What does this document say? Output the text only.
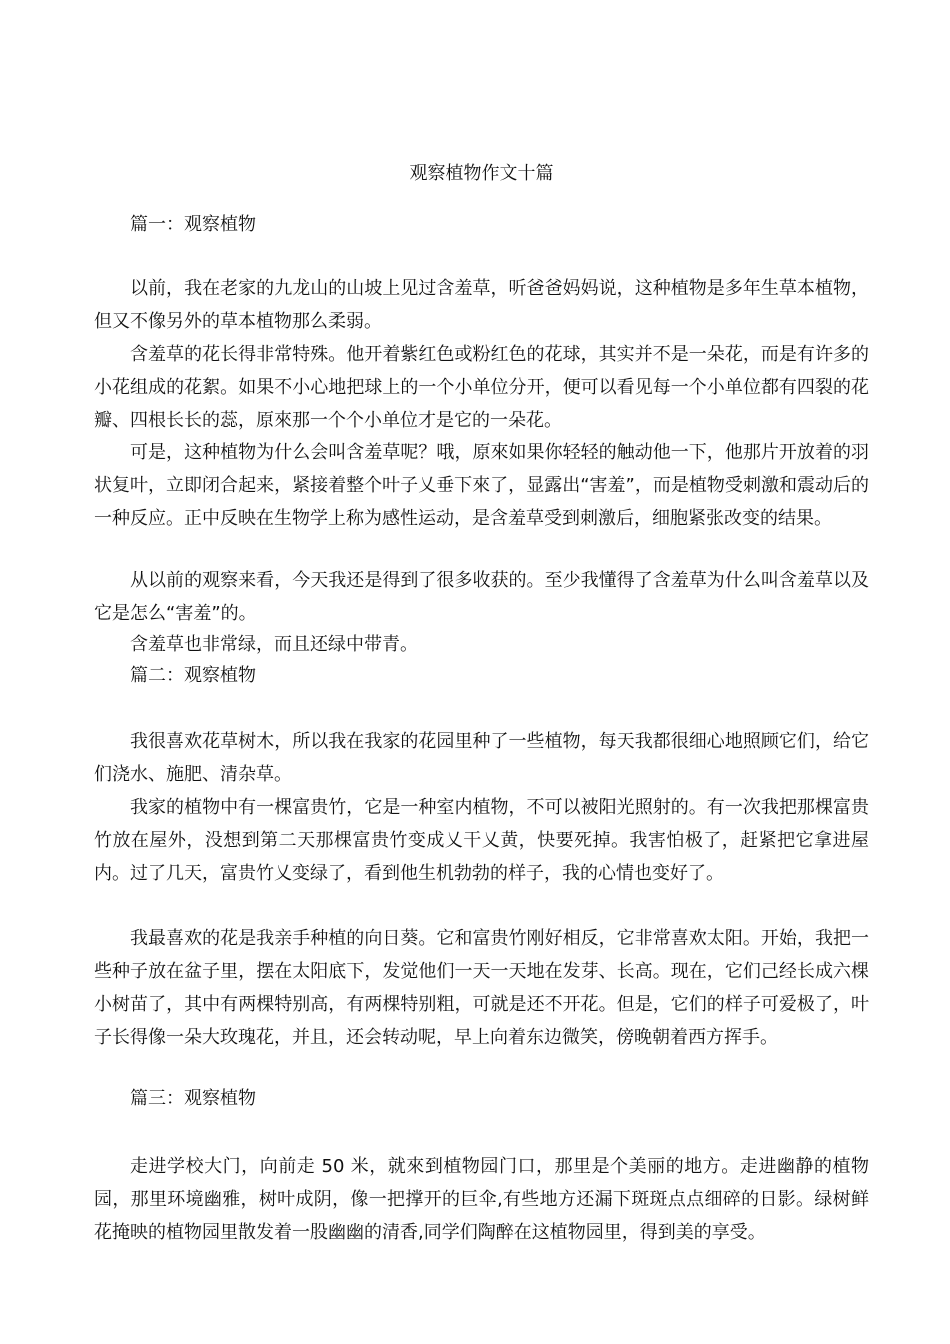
观察植物作文十篇
篇一：观察植物
以前，我在老家的九龙山的山坡上见过含羞草，听爸爸妈妈说，这种植物是多年生草本植物，但又不像另外的草本植物那么柔弱。
含羞草的花长得非常特殊。他开着紫红色或粉红色的花球，其实并不是一朵花，而是有许多的小花组成的花絮。如果不小心地把球上的一个小单位分开，便可以看见每一个小单位都有四裂的花瓣、四根长长的蕊，原來那一个个小单位才是它的一朵花。
可是，这种植物为什么会叫含羞草呢？哦，原來如果你轻轻的触动他一下，他那片开放着的羽状复叶，立即闭合起来，紧接着整个叶子乂垂下來了，显露出“害羞”，而是植物受刺激和震动后的一种反应。正中反映在生物学上称为感性运动，是含羞草受到刺激后，细胞紧张改变的结果。
从以前的观察来看，今天我还是得到了很多收获的。至少我懂得了含羞草为什么叫含羞草以及它是怎么“害羞”的。
含羞草也非常绿，而且还绿中带青。
篇二：观察植物
我很喜欢花草树木，所以我在我家的花园里种了一些植物，每天我都很细心地照顾它们，给它们浇水、施肥、清杂草。
我家的植物中有一棵富贵竹，它是一种室内植物，不可以被阳光照射的。有一次我把那棵富贵竹放在屋外，没想到第二天那棵富贵竹变成乂干乂黄，快要死掉。我害怕极了，赶紧把它拿进屋内。过了几天，富贵竹乂变绿了，看到他生机勃勃的样子，我的心情也变好了。
我最喜欢的花是我亲手种植的向日葵。它和富贵竹刚好相反，它非常喜欢太阳。开始，我把一些种子放在盆子里，摆在太阳底下，发觉他们一天一天地在发芽、长高。现在，它们己经长成六棵小树苗了，其中有两棵特别高，有两棵特别粗，可就是还不开花。但是，它们的样子可爱极了，叶子长得像一朵大玫瑰花，并且，还会转动呢，早上向着东边微笑，傍晚朝着西方挥手。
篇三：观察植物
走进学校大门，向前走 50 米，就來到植物园门口，那里是个美丽的地方。走进幽静的植物园，那里环境幽雅，树叶成阴，像一把撑开的巨伞,有些地方还漏下斑斑点点细碎的日影。绿树鲜花掩映的植物园里散发着一股幽幽的清香,同学们陶醉在这植物园里，得到美的享受。
